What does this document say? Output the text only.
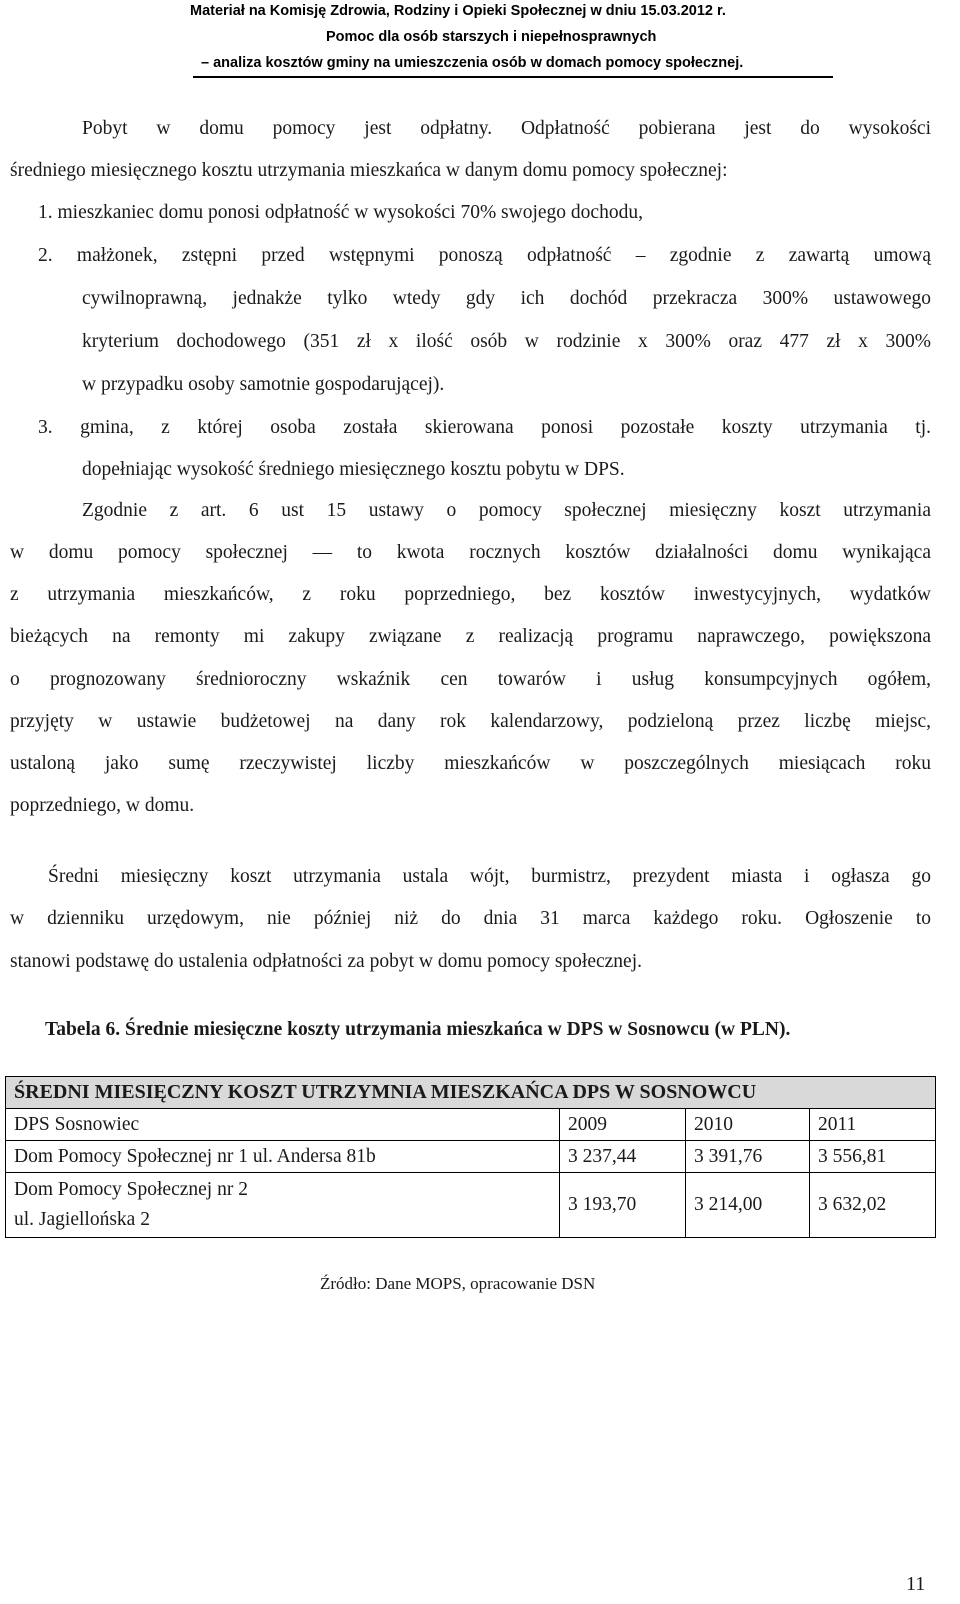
Materiał na Komisję Zdrowia, Rodziny i Opieki Społecznej w dniu 15.03.2012 r.
Pomoc dla osób starszych i niepełnosprawnych
– analiza kosztów gminy na umieszczenia osób w domach pomocy społecznej.
Pobyt w domu pomocy jest odpłatny. Odpłatność pobierana jest do wysokości
średniego miesięcznego kosztu utrzymania mieszkańca w danym domu pomocy społecznej:
1. mieszkaniec domu ponosi odpłatność w wysokości 70% swojego dochodu,
2. małżonek, zstępni przed wstępnymi ponoszą odpłatność – zgodnie z zawartą umową
cywilnoprawną, jednakże tylko wtedy gdy ich dochód przekracza 300% ustawowego
kryterium dochodowego (351 zł x ilość osób w rodzinie x 300% oraz 477 zł x 300%
w przypadku osoby samotnie gospodarującej).
3. gmina, z której osoba została skierowana ponosi pozostałe koszty utrzymania tj.
dopełniając wysokość średniego miesięcznego kosztu pobytu w DPS.
Zgodnie z art. 6 ust 15 ustawy o pomocy społecznej miesięczny koszt utrzymania
w domu pomocy społecznej — to kwota rocznych kosztów działalności domu wynikająca
z utrzymania mieszkańców, z roku poprzedniego, bez kosztów inwestycyjnych, wydatków
bieżących na remonty mi zakupy związane z realizacją programu naprawczego, powiększona
o prognozowany średnioroczny wskaźnik cen towarów i usług konsumpcyjnych ogółem,
przyjęty w ustawie budżetowej na dany rok kalendarzowy, podzieloną przez liczbę miejsc,
ustaloną jako sumę rzeczywistej liczby mieszkańców w poszczególnych miesiącach roku
poprzedniego, w domu.
Średni miesięczny koszt utrzymania ustala wójt, burmistrz, prezydent miasta i ogłasza go
w dzienniku urzędowym, nie później niż do dnia 31 marca każdego roku. Ogłoszenie to
stanowi podstawę do ustalenia odpłatności za pobyt w domu pomocy społecznej.
Tabela 6. Średnie miesięczne koszty utrzymania mieszkańca w DPS w Sosnowcu (w PLN).
ŚREDNI MIESIĘCZNY KOSZT UTRZYMNIA MIESZKAŃCA DPS W SOSNOWCU			
DPS Sosnowiec	2009	2010	2011
Dom Pomocy Społecznej nr 1 ul. Andersa 81b	3 237,44	3 391,76	3 556,81
Dom Pomocy Społecznej nr 2
ul. Jagiellońska 2	3 193,70	3 214,00	3 632,02
Źródło: Dane MOPS, opracowanie DSN
11
